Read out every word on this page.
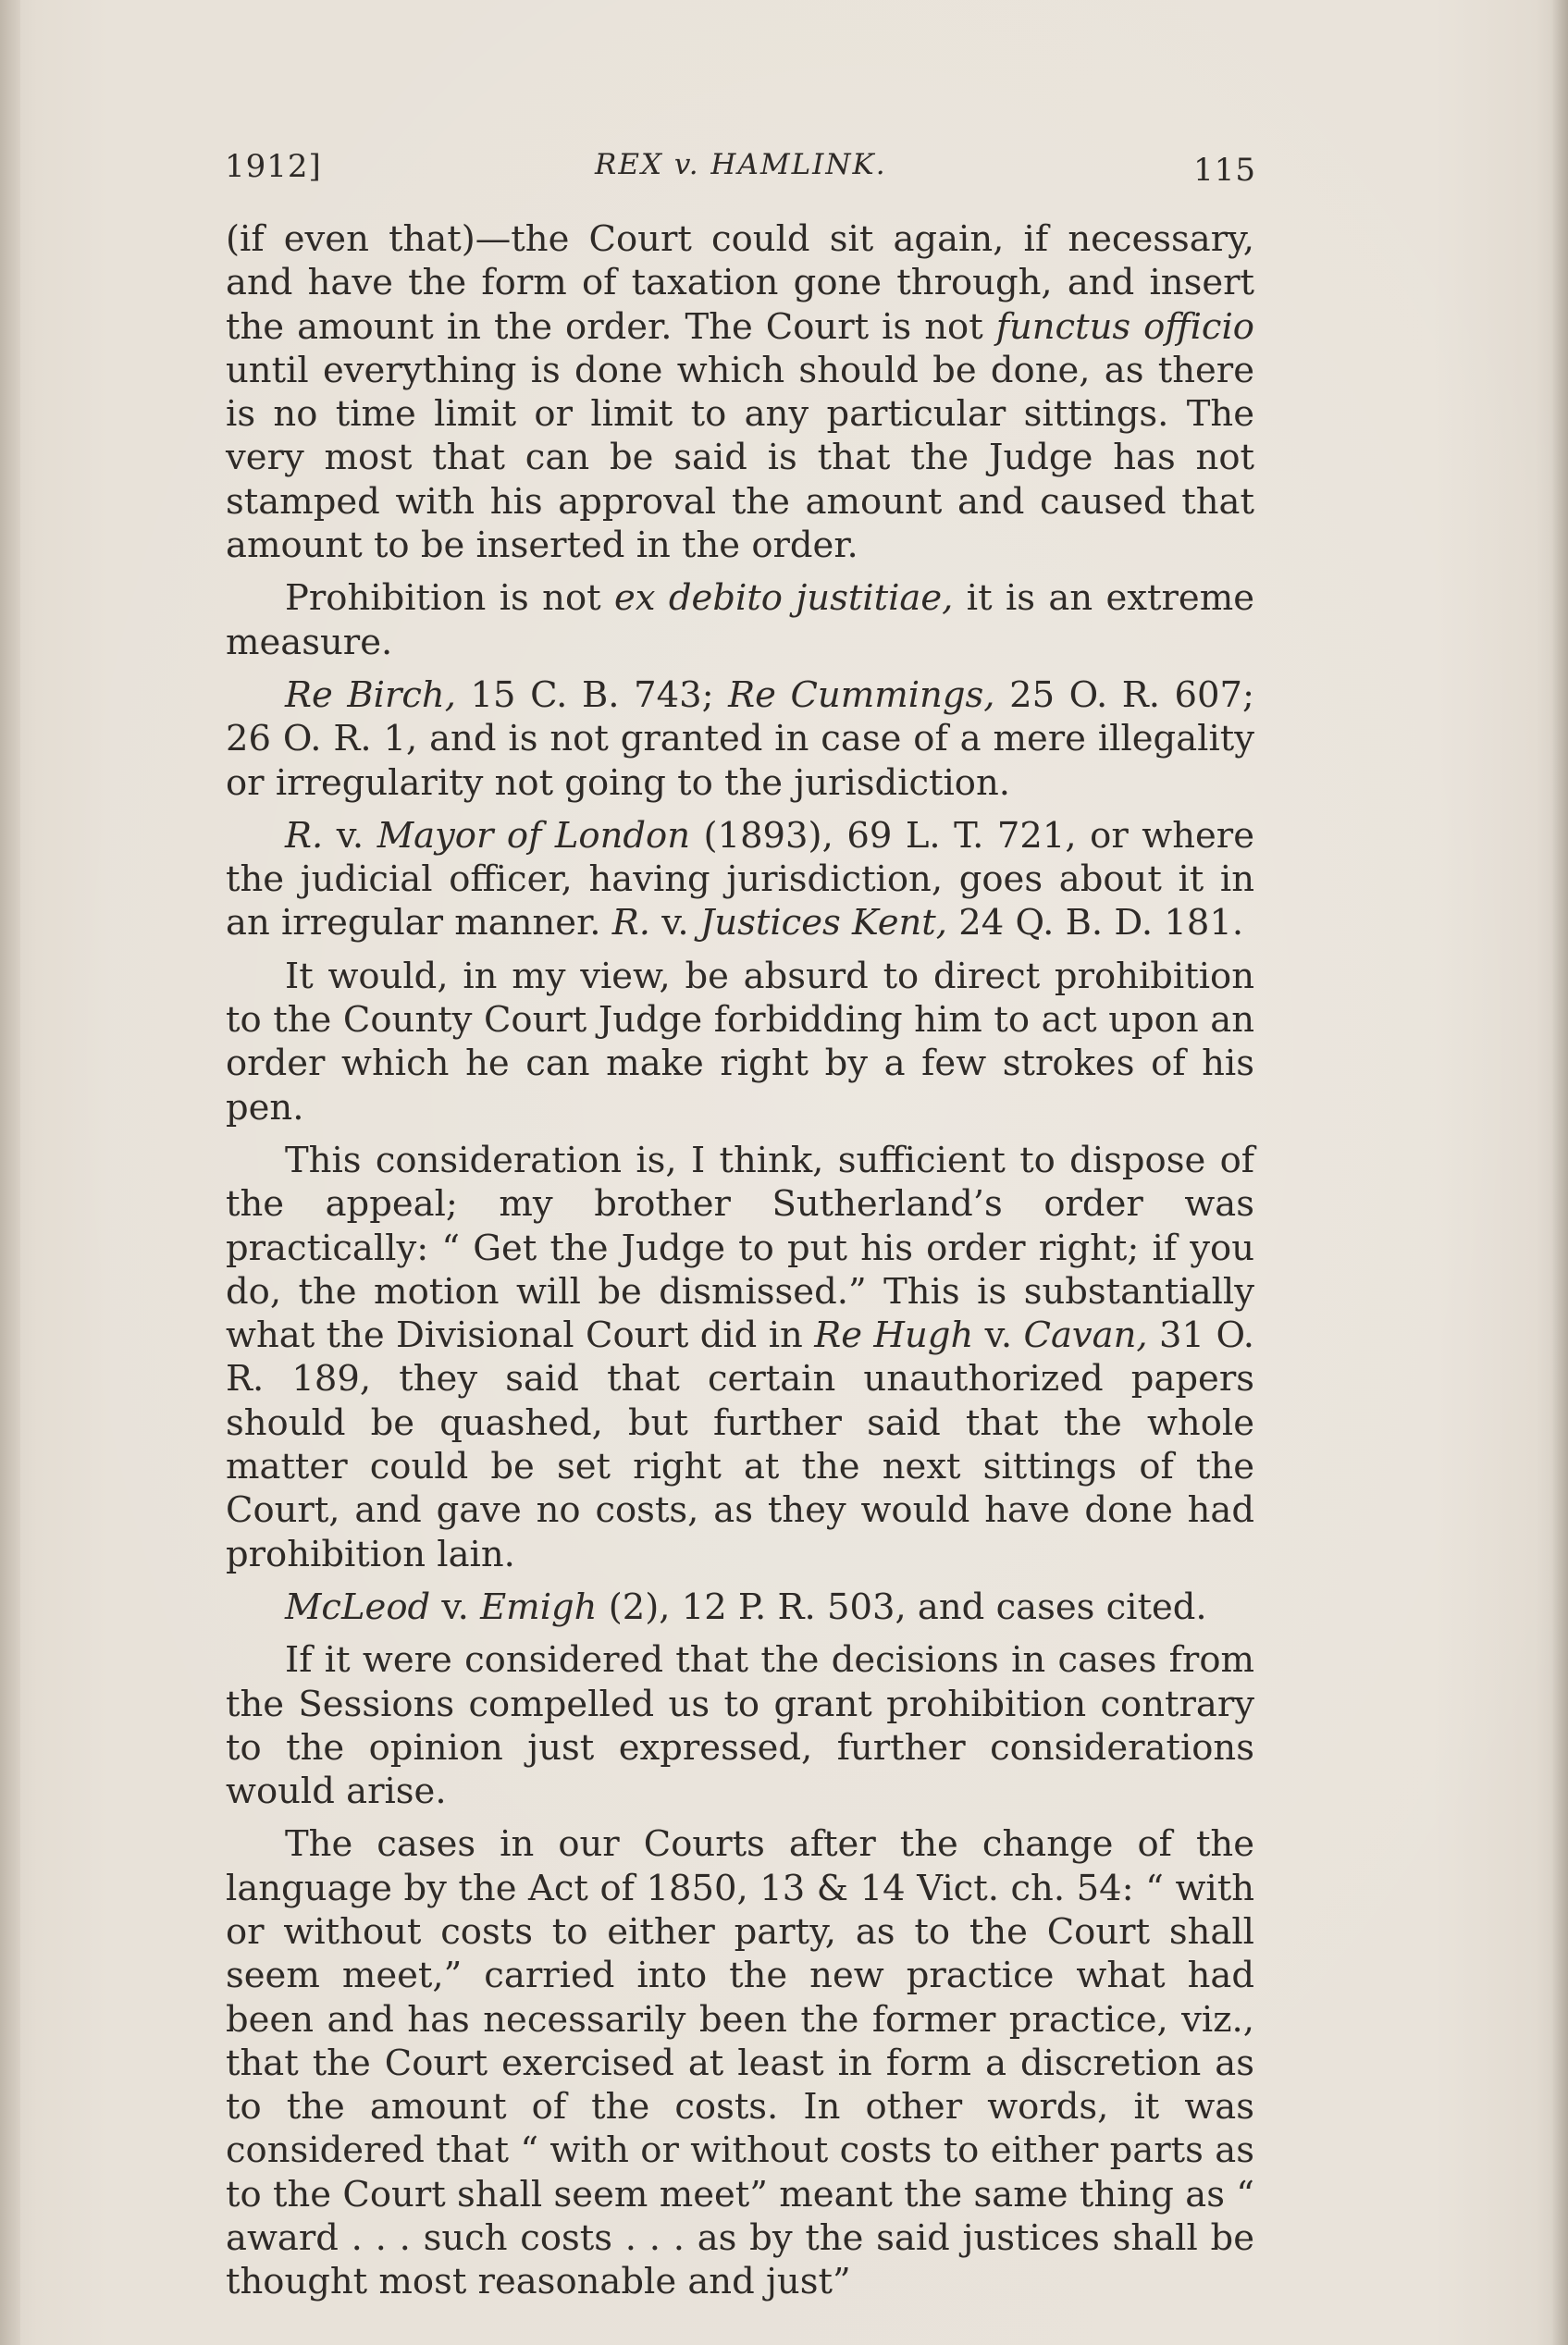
1912]	REX v. HAMLINK.	115

(if even that)—the Court could sit again, if necessary, and have the form of taxation gone through, and insert the amount in the order. The Court is not functus officio until everything is done which should be done, as there is no time limit or limit to any particular sittings. The very most that can be said is that the Judge has not stamped with his approval the amount and caused that amount to be inserted in the order.

Prohibition is not ex debito justitiae, it is an extreme measure.

Re Birch, 15 C. B. 743; Re Cummings, 25 O. R. 607; 26 O. R. 1, and is not granted in case of a mere illegality or irregularity not going to the jurisdiction.

R. v. Mayor of London (1893), 69 L. T. 721, or where the judicial officer, having jurisdiction, goes about it in an irregular manner. R. v. Justices Kent, 24 Q. B. D. 181.

It would, in my view, be absurd to direct prohibition to the County Court Judge forbidding him to act upon an order which he can make right by a few strokes of his pen.

This consideration is, I think, sufficient to dispose of the appeal; my brother Sutherland’s order was practically: “ Get the Judge to put his order right; if you do, the motion will be dismissed.” This is substantially what the Divisional Court did in Re Hugh v. Cavan, 31 O. R. 189, they said that certain unauthorized papers should be quashed, but further said that the whole matter could be set right at the next sittings of the Court, and gave no costs, as they would have done had prohibition lain.

McLeod v. Emigh (2), 12 P. R. 503, and cases cited.

If it were considered that the decisions in cases from the Sessions compelled us to grant prohibition contrary to the opinion just expressed, further considerations would arise.

The cases in our Courts after the change of the language by the Act of 1850, 13 & 14 Vict. ch. 54: “ with or without costs to either party, as to the Court shall seem meet,” carried into the new practice what had been and has necessarily been the former practice, viz., that the Court exercised at least in form a discretion as to the amount of the costs. In other words, it was considered that “ with or without costs to either parts as to the Court shall seem meet” meant the same thing as “ award . . . such costs . . . as by the said justices shall be thought most reasonable and just”
